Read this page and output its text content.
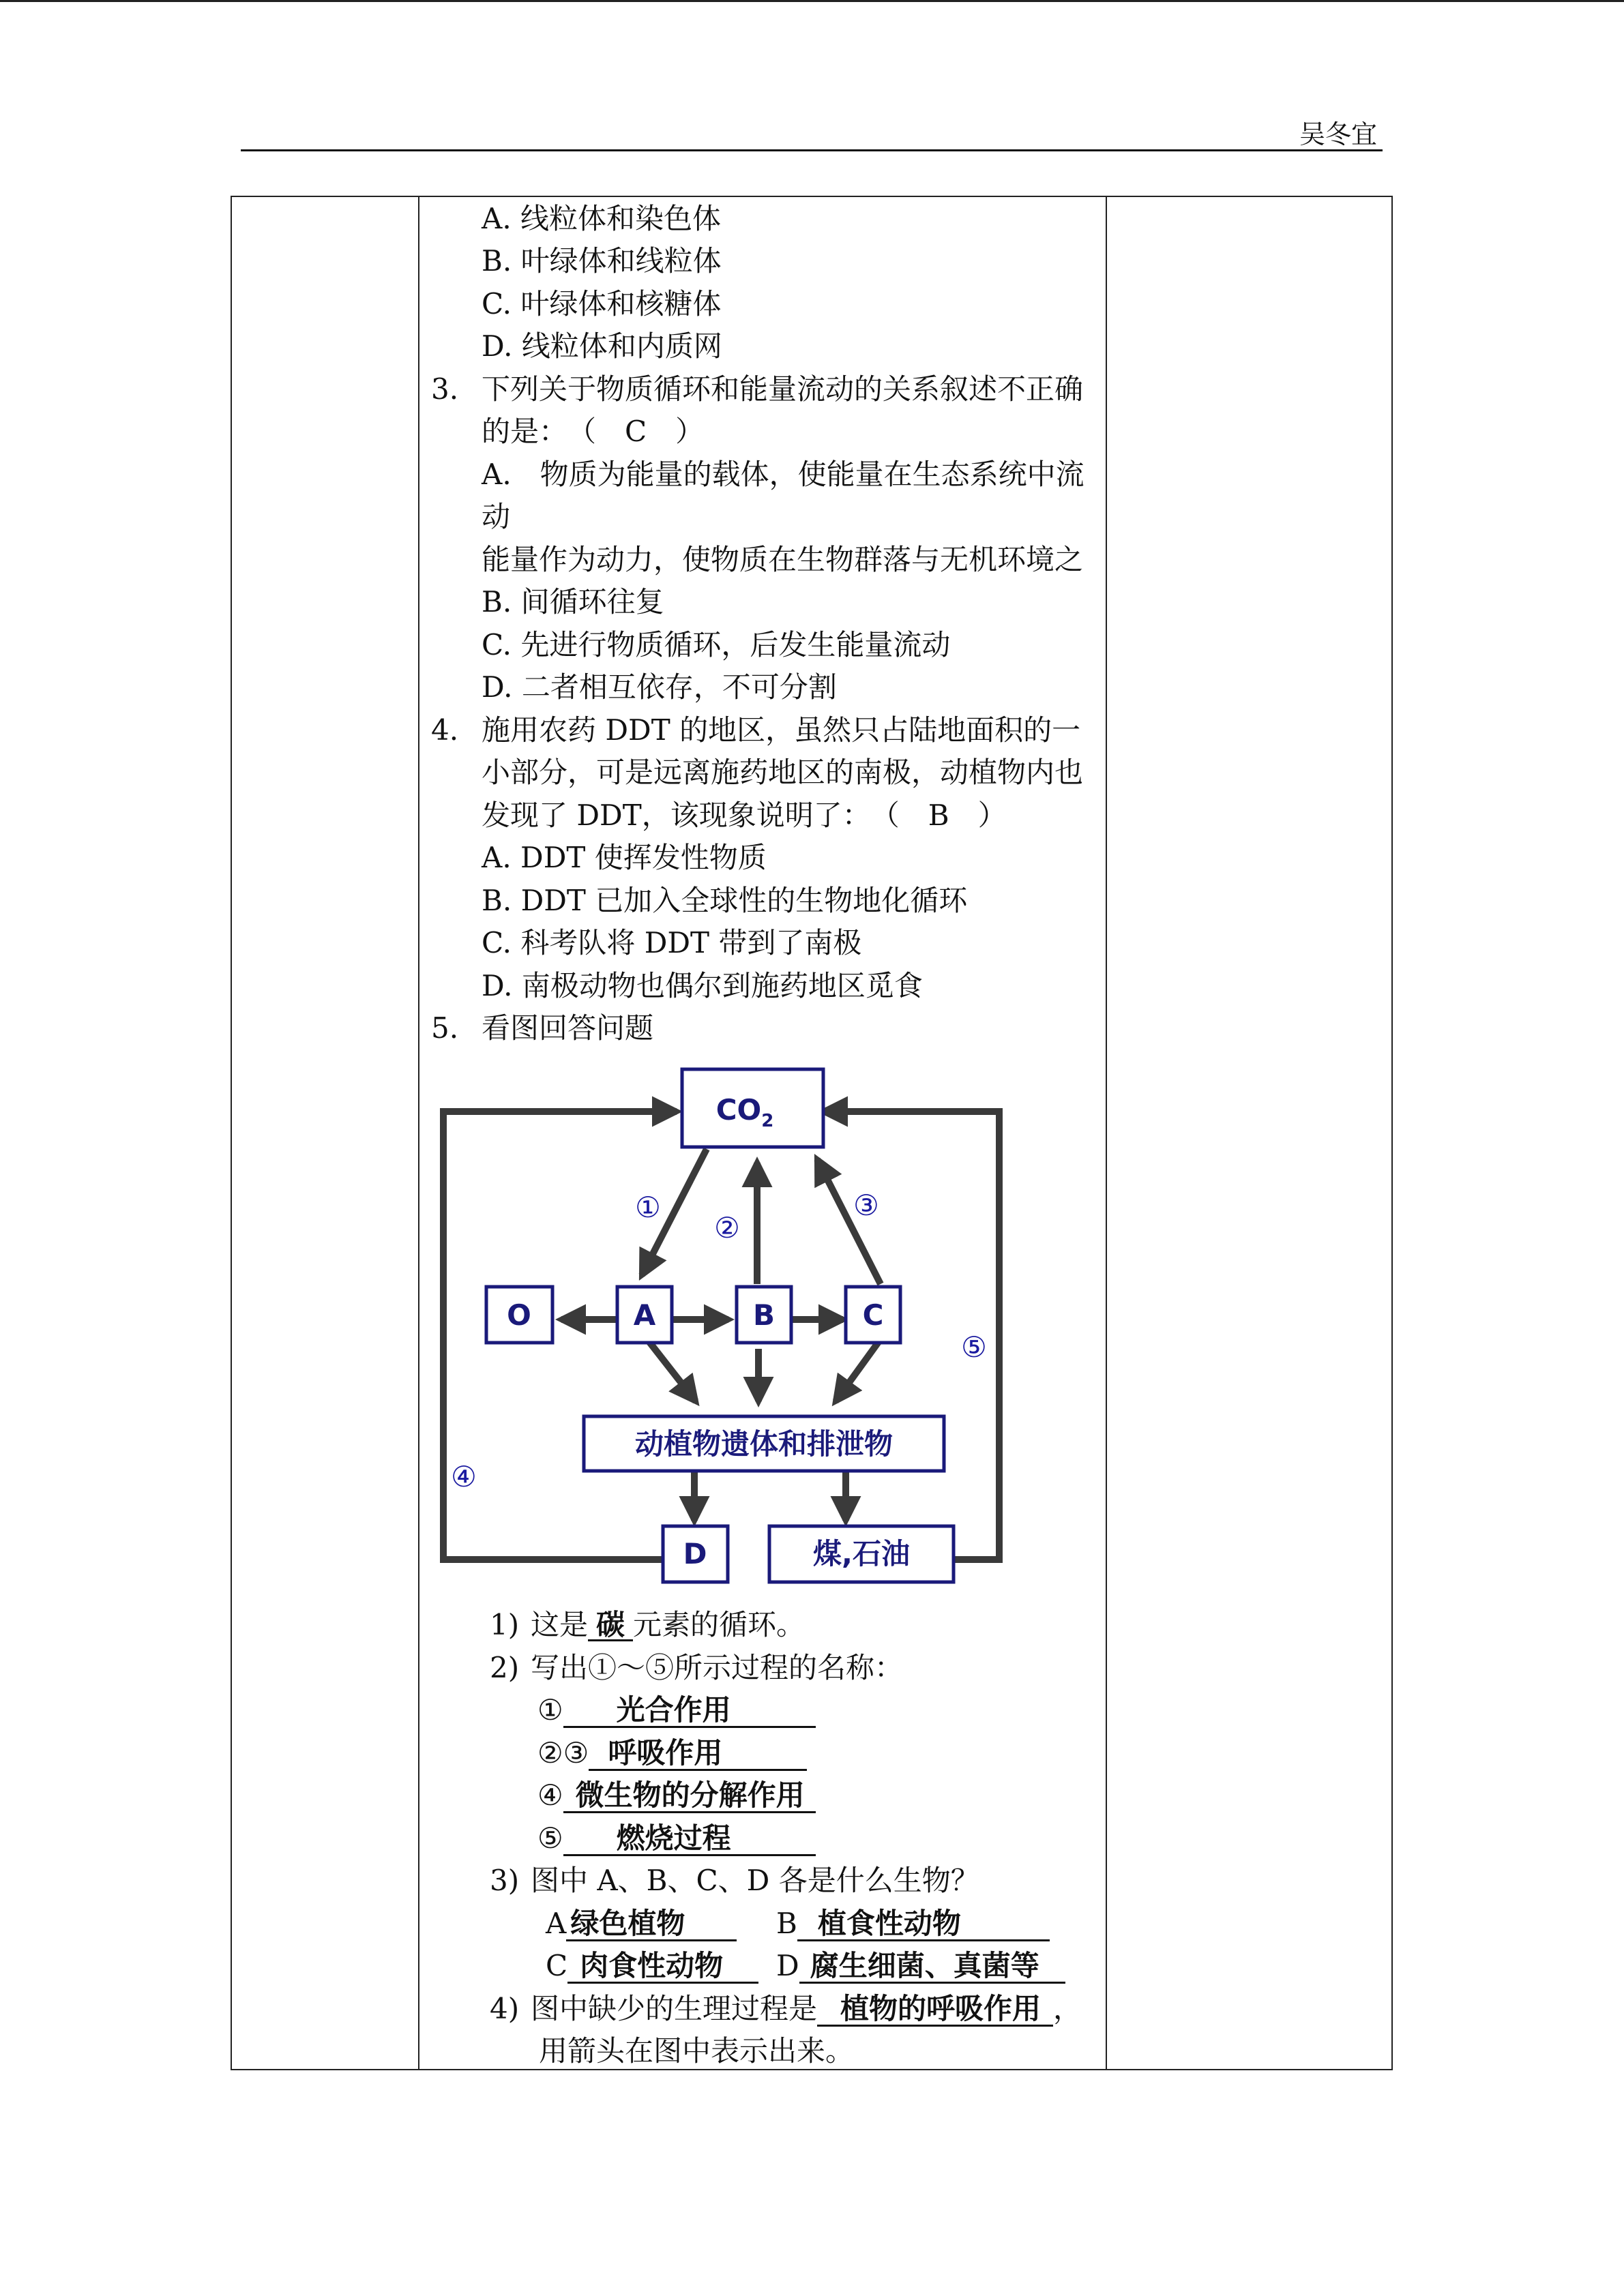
吴冬宜
A. 线粒体和染色体
B. 叶绿体和线粒体
C. 叶绿体和核糖体
D. 线粒体和内质网
3. 下列关于物质循环和能量流动的关系叙述不正确
的是：　（　C　）
A.　物质为能量的载体，使能量在生态系统中流
动
能量作为动力，使物质在生物群落与无机环境之
B. 间循环往复
C. 先进行物质循环，后发生能量流动
D. 二者相互依存，不可分割
4. 施用农药 DDT 的地区，虽然只占陆地面积的一
小部分，可是远离施药地区的南极，动植物内也
发现了 DDT，该现象说明了：　（　B　）
A. DDT 使挥发性物质
B. DDT 已加入全球性的生物地化循环
C. 科考队将 DDT 带到了南极
D. 南极动物也偶尔到施药地区觅食
5. 看图回答问题
$CO_2$
O	A	B	C
动植物遗体和排泄物
D	煤,石油
①
②
③
④
⑤
1) 这是 碳 元素的循环。
2) 写出①～⑤所示过程的名称：
① 光合作用
②③ 呼吸作用
④ 微生物的分解作用
⑤ 燃烧过程
3) 图中 A、B、C、D 各是什么生物？
A 绿色植物	B 植食性动物
C 肉食性动物	D 腐生细菌、真菌等
4) 图中缺少的生理过程是 植物的呼吸作用 ，
用箭头在图中表示出来。
